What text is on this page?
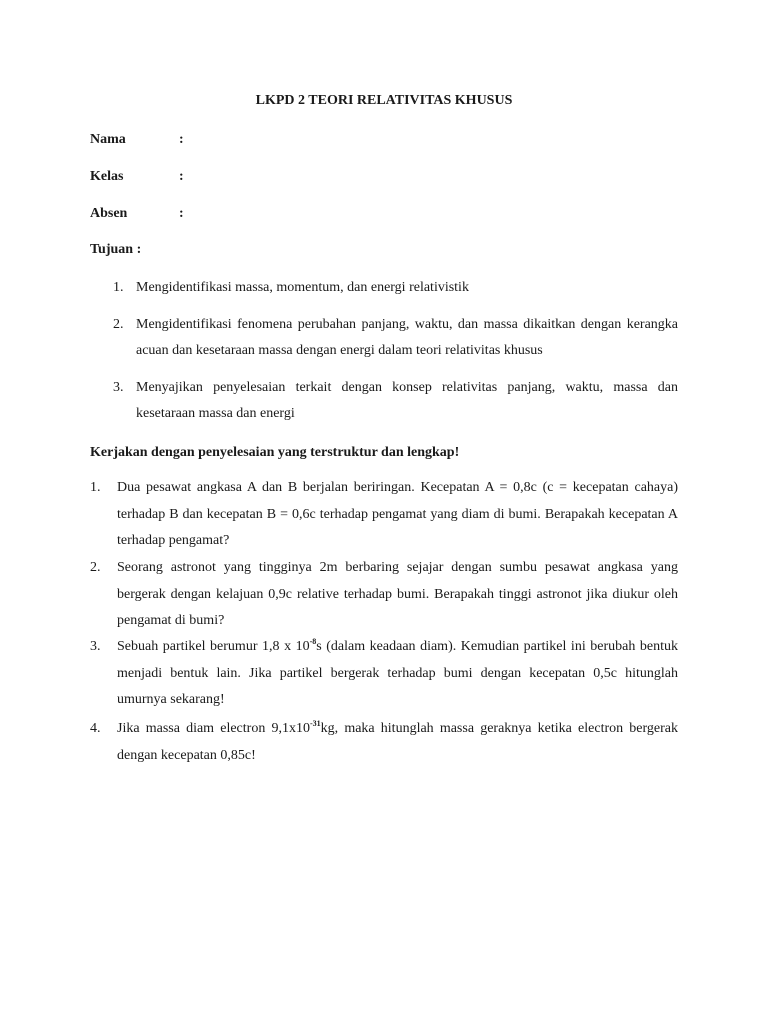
LKPD 2 TEORI RELATIVITAS KHUSUS
Nama	:
Kelas	:
Absen	:
Tujuan :
1. Mengidentifikasi massa, momentum, dan energi relativistik
2. Mengidentifikasi fenomena perubahan panjang, waktu, dan massa dikaitkan dengan kerangka acuan dan kesetaraan massa dengan energi dalam teori relativitas khusus
3. Menyajikan penyelesaian terkait dengan konsep relativitas panjang, waktu, massa dan kesetaraan massa dan energi
Kerjakan dengan penyelesaian yang terstruktur dan lengkap!
1. Dua pesawat angkasa A dan B berjalan beriringan. Kecepatan A = 0,8c (c = kecepatan cahaya) terhadap B dan kecepatan B = 0,6c terhadap pengamat yang diam di bumi. Berapakah kecepatan A terhadap pengamat?
2. Seorang astronot yang tingginya 2m berbaring sejajar dengan sumbu pesawat angkasa yang bergerak dengan kelajuan 0,9c relative terhadap bumi. Berapakah tinggi astronot jika diukur oleh pengamat di bumi?
3. Sebuah partikel berumur 1,8 x $10^{-8}s$ (dalam keadaan diam). Kemudian partikel ini berubah bentuk menjadi bentuk lain. Jika partikel bergerak terhadap bumi dengan kecepatan 0,5c hitunglah umurnya sekarang!
4. Jika massa diam electron $9,1x10^{-31}kg$, maka hitunglah massa geraknya ketika electron bergerak dengan kecepatan 0,85c!
